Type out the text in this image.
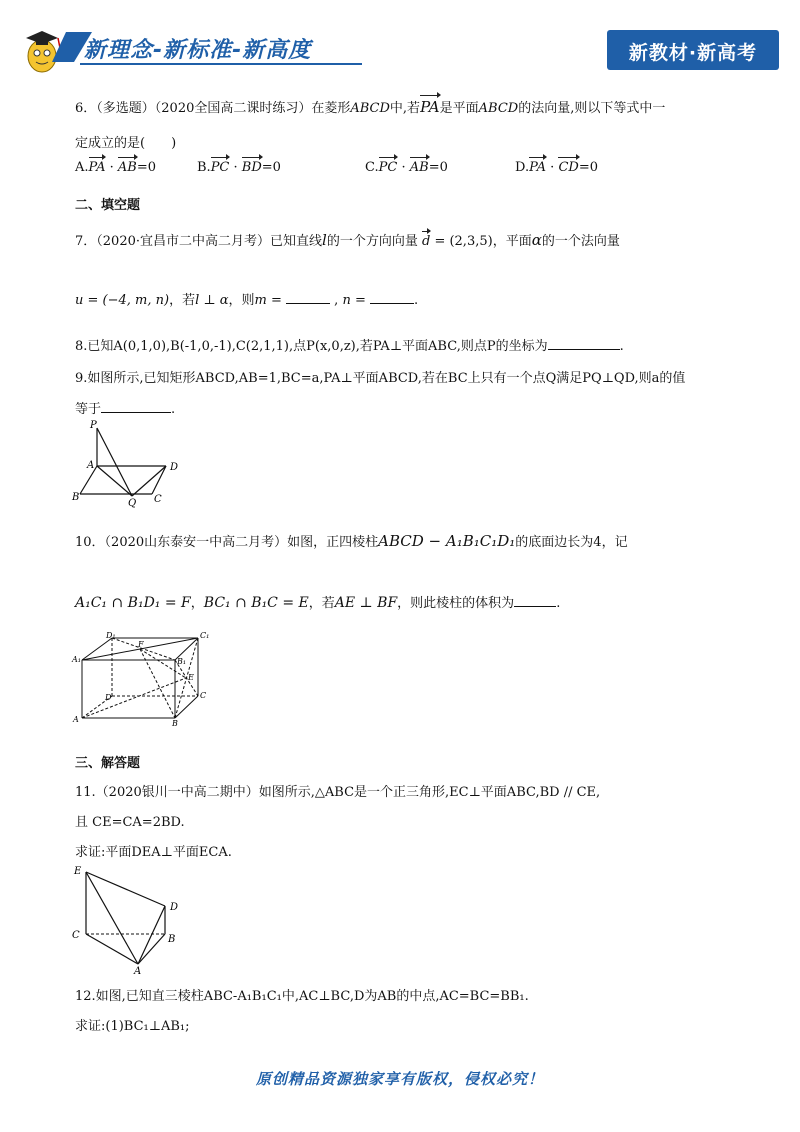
新理念-新标准-新高度	新教材·新高考
6．（多选题）（2020全国高二课时练习）在菱形ABCD中,若PA是平面ABCD的法向量,则以下等式中一
定成立的是(　　)
A.PA · AB=0	B.PC · BD=0	C.PC · AB=0	D.PA · CD=0
二、填空题
7．（2020·宜昌市二中高二月考）已知直线l的一个方向向量 d = (2,3,5)，平面α的一个法向量
u = (−4, m, n)，若l ⊥ α，则m =	, n =	.
8.已知A(0,1,0),B(-1,0,-1),C(2,1,1),点P(x,0,z),若PA⊥平面ABC,则点P的坐标为	.
9.如图所示,已知矩形ABCD,AB=1,BC=a,PA⊥平面ABCD,若在BC上只有一个点Q满足PQ⊥QD,则a的值
等于	.
P
A	D
B
Q C
10．（2020山东泰安一中高二月考）如图，正四棱柱ABCD − A₁B₁C₁D₁的底面边长为4，记
A₁C₁ ∩ B₁D₁ = F，BC₁ ∩ B₁C = E，若AE ⊥ BF，则此棱柱的体积为	.
D₁	C₁
A₁
F
B₁
E
D	C
A	B
三、解答题
11.（2020银川一中高二期中）如图所示,△ABC是一个正三角形,EC⊥平面ABC,BD // CE,
且 CE=CA=2BD.
求证:平面DEA⊥平面ECA.
E
D
C	B
A
12.如图,已知直三棱柱ABC-A₁B₁C₁中,AC⊥BC,D为AB的中点,AC=BC=BB₁.
求证:(1)BC₁⊥AB₁;
原创精品资源独家享有版权，侵权必究！
